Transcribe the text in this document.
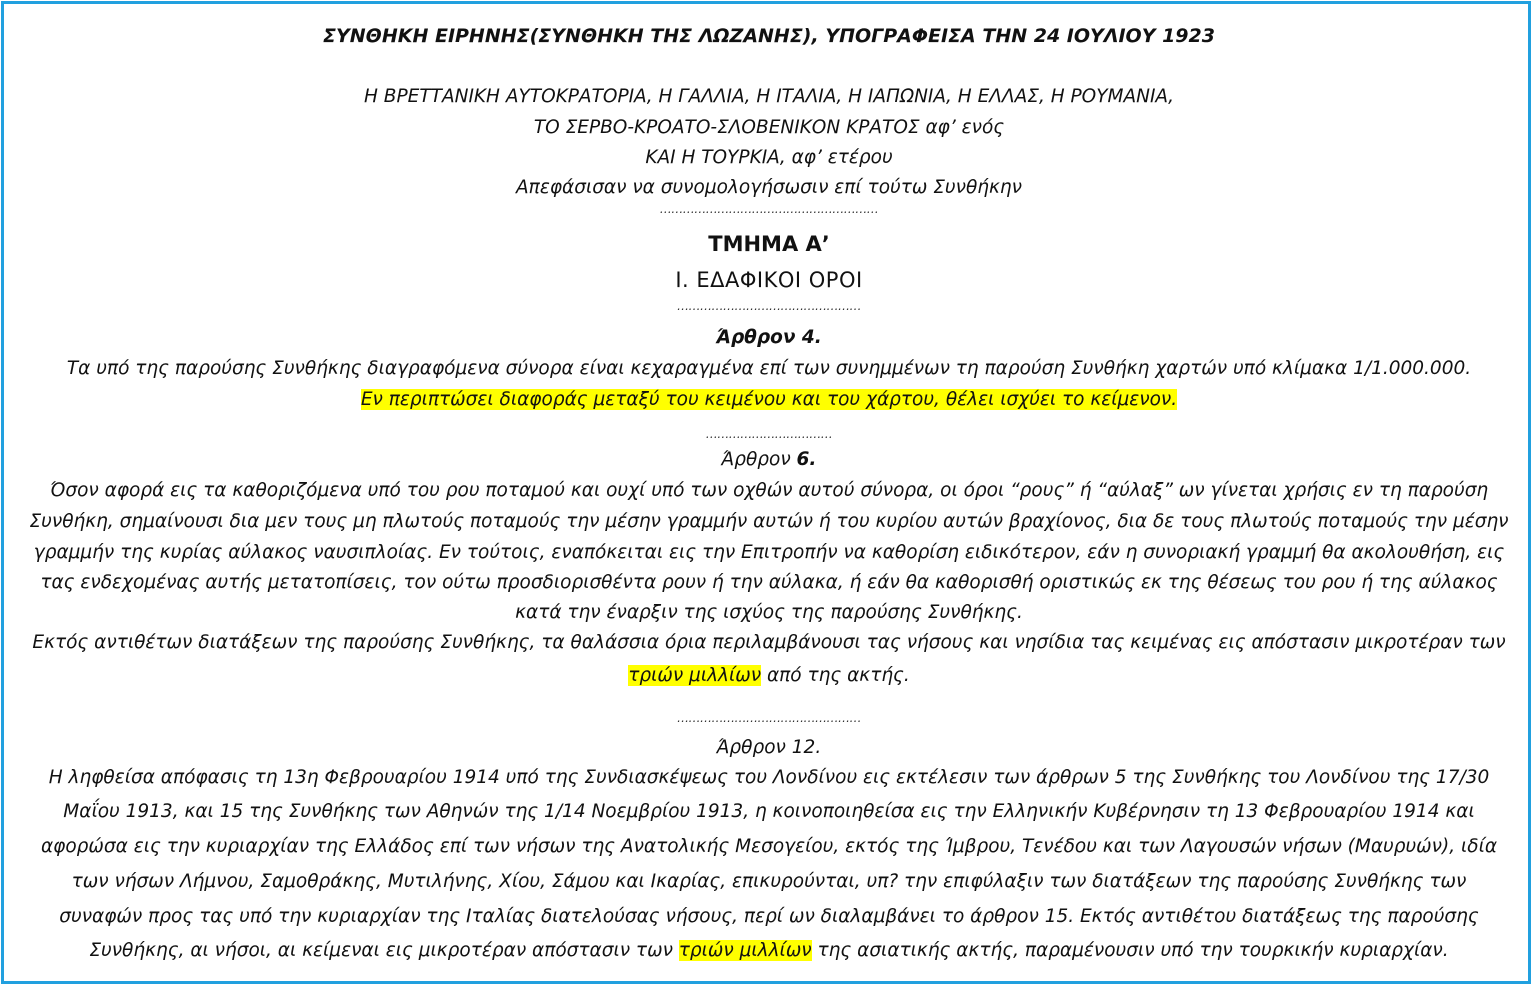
ΣΥΝΘΗΚΗ ΕΙΡΗΝΗΣ(ΣΥΝΘΗΚΗ ΤΗΣ ΛΩΖΑΝΗΣ), ΥΠΟΓΡΑΦΕΙΣΑ ΤΗΝ 24 ΙΟΥΛΙΟΥ 1923
Η ΒΡΕΤΤΑΝΙΚΗ ΑΥΤΟΚΡΑΤΟΡΙΑ, Η ΓΑΛΛΙΑ, Η ΙΤΑΛΙΑ, Η ΙΑΠΩΝΙΑ, Η ΕΛΛΑΣ, Η ΡΟΥΜΑΝΙΑ,
ΤΟ ΣΕΡΒΟ-ΚΡΟΑΤΟ-ΣΛΟΒΕΝΙΚΟΝ ΚΡΑΤΟΣ αφ’ ενός
ΚΑΙ Η ΤΟΥΡΚΙΑ, αφ’ ετέρου
Απεφάσισαν να συνομολογήσωσιν επί τούτω Συνθήκην
…………………………………………………
ΤΜΗΜΑ Α’
Ι. ΕΔΑΦΙΚΟΙ ΟΡΟΙ
…………………………………………
Άρθρον 4.
Τα υπό της παρούσης Συνθήκης διαγραφόμενα σύνορα είναι κεχαραγμένα επί των συνημμένων τη παρούση Συνθήκη χαρτών υπό κλίμακα 1/1.000.000.
Εν περιπτώσει διαφοράς μεταξύ του κειμένου και του χάρτου, θέλει ισχύει το κείμενον.
……………………………
Άρθρον 6.
Όσον αφορά εις τα καθοριζόμενα υπό του ρου ποταμού και ουχί υπό των οχθών αυτού σύνορα, οι όροι “ρους” ή “αύλαξ” ων γίνεται χρήσις εν τη παρούση
Συνθήκη, σημαίνουσι δια μεν τους μη πλωτούς ποταμούς την μέσην γραμμήν αυτών ή του κυρίου αυτών βραχίονος, δια δε τους πλωτούς ποταμούς την μέσην
γραμμήν της κυρίας αύλακος ναυσιπλοίας. Εν τούτοις, εναπόκειται εις την Επιτροπήν να καθορίση ειδικότερον, εάν η συνοριακή γραμμή θα ακολουθήση, εις
τας ενδεχομένας αυτής μετατοπίσεις, τον ούτω προσδιορισθέντα ρουν ή την αύλακα, ή εάν θα καθορισθή οριστικώς εκ της θέσεως του ρου ή της αύλακος
κατά την έναρξιν της ισχύος της παρούσης Συνθήκης.
Εκτός αντιθέτων διατάξεων της παρούσης Συνθήκης, τα θαλάσσια όρια περιλαμβάνουσι τας νήσους και νησίδια τας κειμένας εις απόστασιν μικροτέραν των
τριών μιλλίων από της ακτής.
…………………………………………
Άρθρον 12.
Η ληφθείσα απόφασις τη 13η Φεβρουαρίου 1914 υπό της Συνδιασκέψεως του Λονδίνου εις εκτέλεσιν των άρθρων 5 της Συνθήκης του Λονδίνου της 17/30
Μαΐου 1913, και 15 της Συνθήκης των Αθηνών της 1/14 Νοεμβρίου 1913, η κοινοποιηθείσα εις την Ελληνικήν Κυβέρνησιν τη 13 Φεβρουαρίου 1914 και
αφορώσα εις την κυριαρχίαν της Ελλάδος επί των νήσων της Ανατολικής Μεσογείου, εκτός της Ίμβρου, Τενέδου και των Λαγουσών νήσων (Μαυρυών), ιδία
των νήσων Λήμνου, Σαμοθράκης, Μυτιλήνης, Χίου, Σάμου και Ικαρίας, επικυρούνται, υπ? την επιφύλαξιν των διατάξεων της παρούσης Συνθήκης των
συναφών προς τας υπό την κυριαρχίαν της Ιταλίας διατελούσας νήσους, περί ων διαλαμβάνει το άρθρον 15. Εκτός αντιθέτου διατάξεως της παρούσης
Συνθήκης, αι νήσοι, αι κείμεναι εις μικροτέραν απόστασιν των τριών μιλλίων της ασιατικής ακτής, παραμένουσιν υπό την τουρκικήν κυριαρχίαν.
